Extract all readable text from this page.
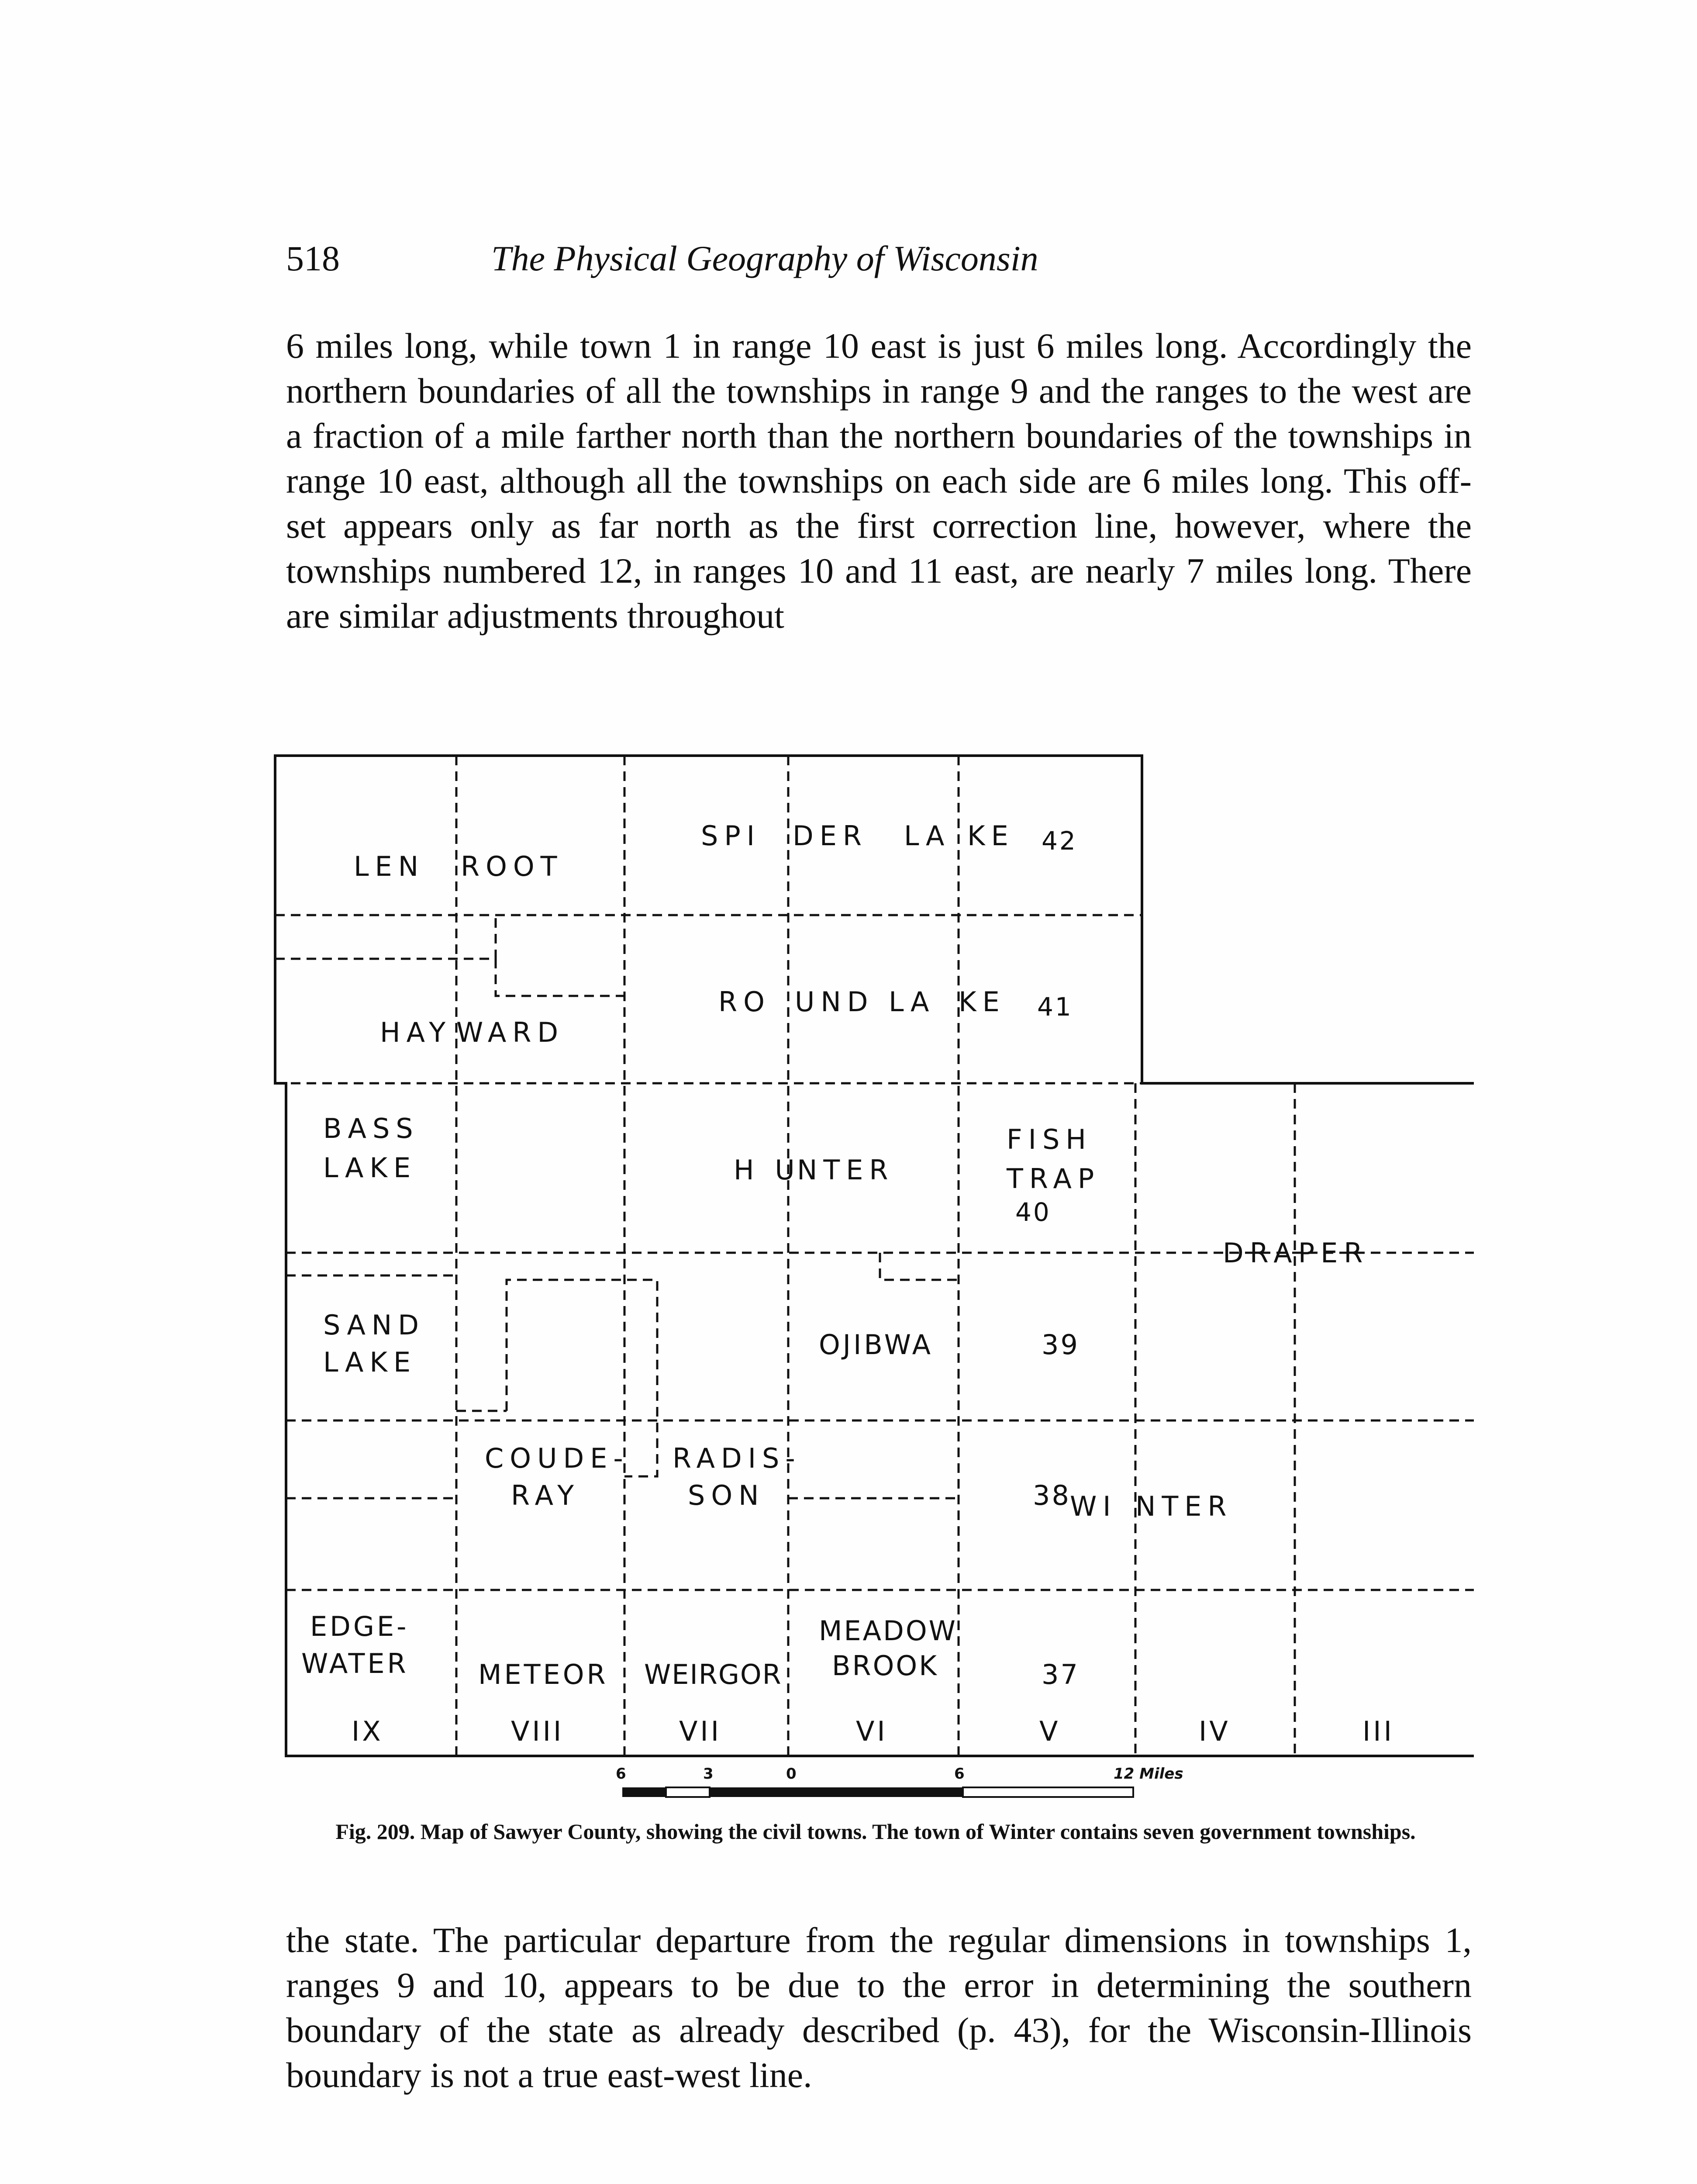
518	The Physical Geography of Wisconsin

6 miles long, while town 1 in range 10 east is just 6 miles long. Accordingly the northern boundaries of all the townships in range 9 and the ranges to the west are a fraction of a mile farther north than the northern boundaries of the townships in range 10 east, although all the townships on each side are 6 miles long. This off-set appears only as far north as the first correction line, however, where the townships numbered 12, in ranges 10 and 11 east, are nearly 7 miles long. There are similar adjustments throughout

LEN ROOT
SPI DER LA KE 42
RO UND LA KE 41
HAY WARD
BASS
LAKE	H U
NTER
FISH
TRAP
40
DRAPER
SAND
LAKE
OJIBWA	39
COUDE-
RAY
RADIS-
SON	38
WI NTER
EDGE-
WATER	METEOR WEIRGOR
MEADOW
BROOK	37
IX	VIII	VII	VI	V	IV	III
6	3	0	6	12 Miles
Fig. 209. Map of Sawyer County, showing the civil towns. The town of Winter contains seven government townships.

the state. The particular departure from the regular dimensions in townships 1, ranges 9 and 10, appears to be due to the error in determining the southern boundary of the state as already described (p. 43), for the Wisconsin-Illinois boundary is not a true east-west line.
